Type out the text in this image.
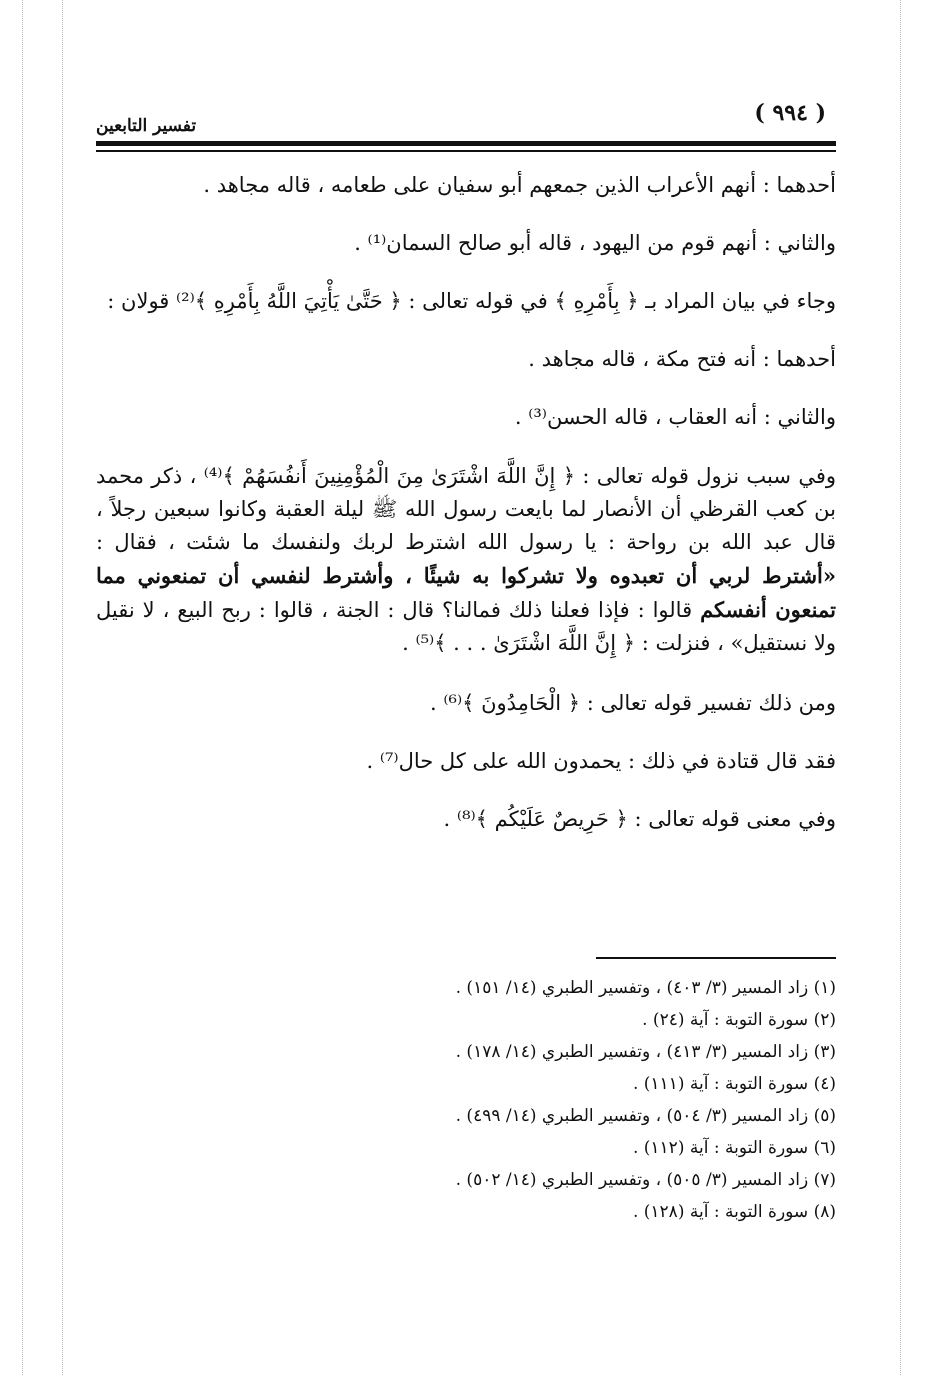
( ٩٩٤ )
تفسير التابعين

أحدهما : أنهم الأعراب الذين جمعهم أبو سفيان على طعامه ، قاله مجاهد .

والثاني : أنهم قوم من اليهود ، قاله أبو صالح السمان⁽¹⁾ .

وجاء في بيان المراد بـ ﴿ بِأَمْرِهِ ﴾ في قوله تعالى : ﴿ حَتَّىٰ يَأْتِيَ اللَّهُ بِأَمْرِهِ ﴾⁽²⁾ قولان :

أحدهما : أنه فتح مكة ، قاله مجاهد .

والثاني : أنه العقاب ، قاله الحسن⁽³⁾ .

وفي سبب نزول قوله تعالى : ﴿ إِنَّ اللَّهَ اشْتَرَىٰ مِنَ الْمُؤْمِنِينَ أَنفُسَهُمْ ﴾⁽⁴⁾ ، ذكر محمد بن كعب القرظي أن الأنصار لما بايعت رسول الله ﷺ ليلة العقبة وكانوا سبعين رجلاً ، قال عبد الله بن رواحة : يا رسول الله اشترط لربك ولنفسك ما شئت ، فقال : «أشترط لربي أن تعبدوه ولا تشركوا به شيئًا ، وأشترط لنفسي أن تمنعوني مما تمنعون أنفسكم قالوا : فإذا فعلنا ذلك فمالنا؟ قال : الجنة ، قالوا : ربح البيع ، لا نقيل ولا نستقيل» ، فنزلت : ﴿ إِنَّ اللَّهَ اشْتَرَىٰ . . . ﴾⁽⁵⁾ .

ومن ذلك تفسير قوله تعالى : ﴿ الْحَامِدُونَ ﴾⁽⁶⁾ .

فقد قال قتادة في ذلك : يحمدون الله على كل حال⁽⁷⁾ .

وفي معنى قوله تعالى : ﴿ حَرِيصٌ عَلَيْكُم ﴾⁽⁸⁾ .

(١) زاد المسير (٣/ ٤٠٣) ، وتفسير الطبري (١٤/ ١٥١) .
(٢) سورة التوبة : آية (٢٤) .
(٣) زاد المسير (٣/ ٤١٣) ، وتفسير الطبري (١٤/ ١٧٨) .
(٤) سورة التوبة : آية (١١١) .
(٥) زاد المسير (٣/ ٥٠٤) ، وتفسير الطبري (١٤/ ٤٩٩) .
(٦) سورة التوبة : آية (١١٢) .
(٧) زاد المسير (٣/ ٥٠٥) ، وتفسير الطبري (١٤/ ٥٠٢) .
(٨) سورة التوبة : آية (١٢٨) .
